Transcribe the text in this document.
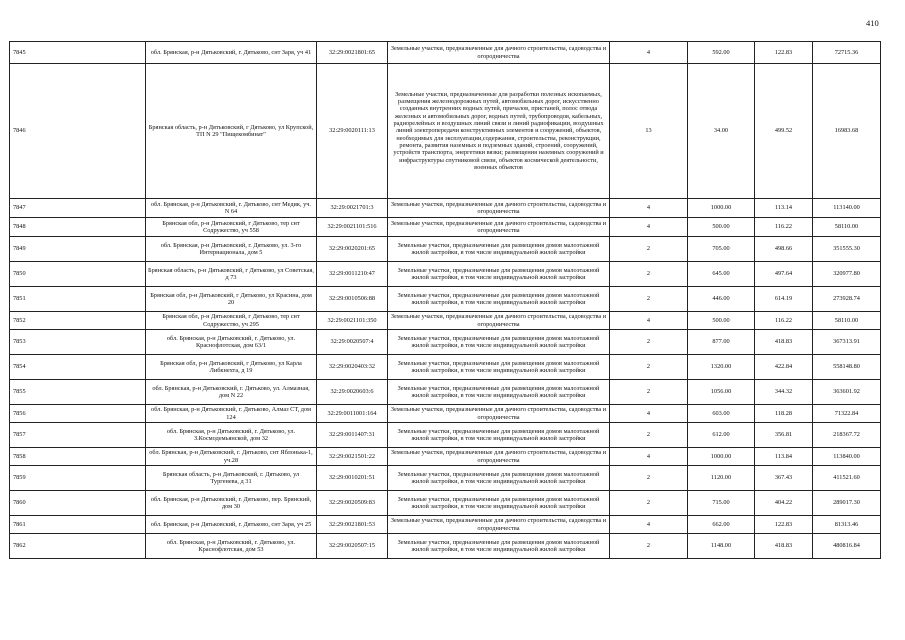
410
7845	обл. Брянская, р-н Дятьковский, г. Дятьково, снт Заря, уч 41	32:29:0021801:65	Земельные участки, предназначенные для дачного строительства, садоводства и огородничества	4	592.00	122.83	72715.36
7846	Брянская область, р-н Дятьковский, г Дятьково, ул Крупской, ТП N 29 "Пищекомбинат"	32:29:0020111:13	Земельные участки, предназначенные для разработки полезных ископаемых, размещения железнодорожных путей, автомобильных дорог, искусственно созданных внутренних водных путей, причалов, пристаней, полос отвода железных и автомобильных дорог, водных путей, трубопроводов, кабельных, радиорелейных и воздушных линий связи и линий радиофикации, воздушных линий электропередачи конструктивных элементов и сооружений, объектов, необходимых для эксплуатации,содержания, строительства, реконструкции, ремонта, развития наземных и подземных зданий, строений, сооружений, устройств транспорта, энергетики вязки; размещения наземных сооружений и инфраструктуры спутниковой связи, объектов космической деятельности, военных объектов	13	34.00	499.52	16983.68
7847	обл. Брянская, р-н Дятьковский, г. Дятьково, снт Медик, уч. N 64	32:29:0021701:3	Земельные участки, предназначенные для дачного строительства, садоводства и огородничества	4	1000.00	113.14	113140.00
7848	Брянская обл, р-н Дятьковский, г Дятьково, тер снт Содружество, уч 558	32:29:0021101:516	Земельные участки, предназначенные для дачного строительства, садоводства и огородничества	4	500.00	116.22	58110.00
7849	обл. Брянская, р-н Дятьковский, г. Дятьково, ул. 3-го Интернационала, дом 5	32:29:0020201:65	Земельные участки, предназначенные для размещения домов малоэтажной жилой застройки, в том числе индивидуальной жилой застройки	2	705.00	498.66	351555.30
7850	Брянская область, р-н Дятьковский, г Дятьково, ул Советская, д 73	32:29:0011210:47	Земельные участки, предназначенные для размещения домов малоэтажной жилой застройки, в том числе индивидуальной жилой застройки	2	645.00	497.64	320977.80
7851	Брянская обл, р-н Дятьковский, г Дятьково, ул Красина, дом 20	32:29:0010506:88	Земельные участки, предназначенные для размещения домов малоэтажной жилой застройки, в том числе индивидуальной жилой застройки	2	446.00	614.19	273928.74
7852	Брянская обл, р-н Дятьковский, г Дятьково, тер снт Содружество, уч 295	32:29:0021101:350	Земельные участки, предназначенные для дачного строительства, садоводства и огородничества	4	500.00	116.22	58110.00
7853	обл. Брянская, р-н Дятьковский, г. Дятьково, ул. Краснофлотская, дом 63/1	32:29:0020507:4	Земельные участки, предназначенные для размещения домов малоэтажной жилой застройки, в том числе индивидуальной жилой застройки	2	877.00	418.83	367313.91
7854	Брянская обл, р-н Дятьковский, г Дятьково, ул Карла Либкнехта, д 19	32:29:0020403:32	Земельные участки, предназначенные для размещения домов малоэтажной жилой застройки, в том числе индивидуальной жилой застройки	2	1320.00	422.84	558148.80
7855	обл. Брянская, р-н Дятьковский, г. Дятьково, ул. Алмазная, дом N 22	32:29:0020603:6	Земельные участки, предназначенные для размещения домов малоэтажной жилой застройки, в том числе индивидуальной жилой застройки	2	1056.00	344.32	363601.92
7856	обл. Брянская, р-н Дятьковский, г. Дятьково, Алмаз СТ, дом 124	32:29:0011001:164	Земельные участки, предназначенные для дачного строительства, садоводства и огородничества	4	603.00	118.28	71322.84
7857	обл. Брянская, р-н Дятьковский, г. Дятьково, ул. З.Космодемьянской, дом 32	32:29:0011407:31	Земельные участки, предназначенные для размещения домов малоэтажной жилой застройки, в том числе индивидуальной жилой застройки	2	612.00	356.81	218367.72
7858	обл. Брянская, р-н Дятьковский, г. Дятьково, снт Яблонька-1, уч.28	32:29:0021501:22	Земельные участки, предназначенные для дачного строительства, садоводства и огородничества	4	1000.00	113.84	113840.00
7859	Брянская область, р-н Дятьковский, г. Дятьково, ул Тургенева, д 31	32:29:0010201:51	Земельные участки, предназначенные для размещения домов малоэтажной жилой застройки, в том числе индивидуальной жилой застройки	2	1120.00	367.43	411521.60
7860	обл. Брянская, р-н Дятьковский, г. Дятьково, пер. Брянский, дом 30	32:29:0020509:83	Земельные участки, предназначенные для размещения домов малоэтажной жилой застройки, в том числе индивидуальной жилой застройки	2	715.00	404.22	289017.30
7861	обл. Брянская, р-н Дятьковский, г. Дятьково, снт Заря, уч 25	32:29:0021801:53	Земельные участки, предназначенные для дачного строительства, садоводства и огородничества	4	662.00	122.83	81313.46
7862	обл. Брянская, р-н Дятьковский, г. Дятьково, ул. Краснофлотская, дом 53	32:29:0020507:15	Земельные участки, предназначенные для размещения домов малоэтажной жилой застройки, в том числе индивидуальной жилой застройки	2	1148.00	418.83	480816.84
